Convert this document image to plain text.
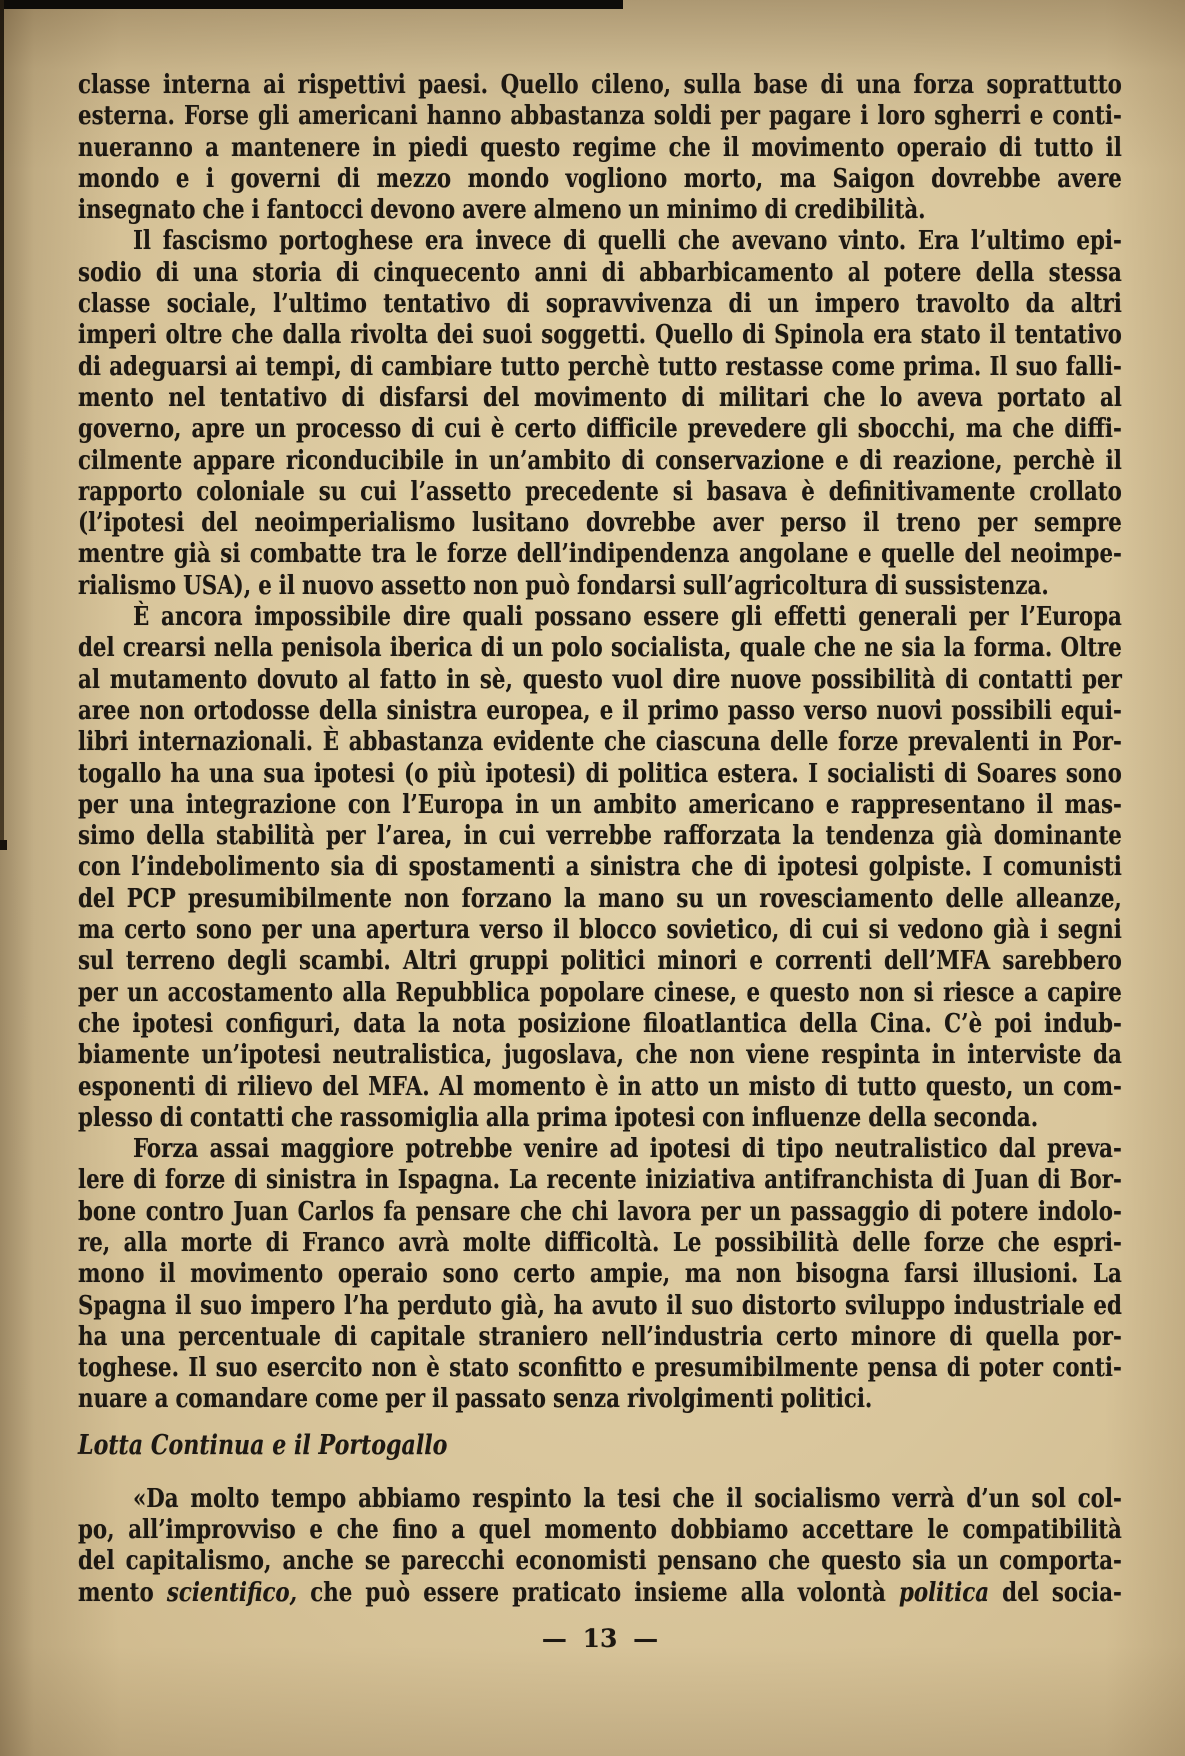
classe interna ai rispettivi paesi. Quello cileno, sulla base di una forza soprattutto
esterna. Forse gli americani hanno abbastanza soldi per pagare i loro sgherri e conti-
nueranno a mantenere in piedi questo regime che il movimento operaio di tutto il
mondo e i governi di mezzo mondo vogliono morto, ma Saigon dovrebbe avere
insegnato che i fantocci devono avere almeno un minimo di credibilità.
Il fascismo portoghese era invece di quelli che avevano vinto. Era l’ultimo epi-
sodio di una storia di cinquecento anni di abbarbicamento al potere della stessa
classe sociale, l’ultimo tentativo di sopravvivenza di un impero travolto da altri
imperi oltre che dalla rivolta dei suoi soggetti. Quello di Spinola era stato il tentativo
di adeguarsi ai tempi, di cambiare tutto perchè tutto restasse come prima. Il suo falli-
mento nel tentativo di disfarsi del movimento di militari che lo aveva portato al
governo, apre un processo di cui è certo difficile prevedere gli sbocchi, ma che diffi-
cilmente appare riconducibile in un’ambito di conservazione e di reazione, perchè il
rapporto coloniale su cui l’assetto precedente si basava è definitivamente crollato
(l’ipotesi del neoimperialismo lusitano dovrebbe aver perso il treno per sempre
mentre già si combatte tra le forze dell’indipendenza angolane e quelle del neoimpe-
rialismo USA), e il nuovo assetto non può fondarsi sull’agricoltura di sussistenza.
È ancora impossibile dire quali possano essere gli effetti generali per l’Europa
del crearsi nella penisola iberica di un polo socialista, quale che ne sia la forma. Oltre
al mutamento dovuto al fatto in sè, questo vuol dire nuove possibilità di contatti per
aree non ortodosse della sinistra europea, e il primo passo verso nuovi possibili equi-
libri internazionali. È abbastanza evidente che ciascuna delle forze prevalenti in Por-
togallo ha una sua ipotesi (o più ipotesi) di politica estera. I socialisti di Soares sono
per una integrazione con l’Europa in un ambito americano e rappresentano il mas-
simo della stabilità per l’area, in cui verrebbe rafforzata la tendenza già dominante
con l’indebolimento sia di spostamenti a sinistra che di ipotesi golpiste. I comunisti
del PCP presumibilmente non forzano la mano su un rovesciamento delle alleanze,
ma certo sono per una apertura verso il blocco sovietico, di cui si vedono già i segni
sul terreno degli scambi. Altri gruppi politici minori e correnti dell’MFA sarebbero
per un accostamento alla Repubblica popolare cinese, e questo non si riesce a capire
che ipotesi configuri, data la nota posizione filoatlantica della Cina. C’è poi indub-
biamente un’ipotesi neutralistica, jugoslava, che non viene respinta in interviste da
esponenti di rilievo del MFA. Al momento è in atto un misto di tutto questo, un com-
plesso di contatti che rassomiglia alla prima ipotesi con influenze della seconda.
Forza assai maggiore potrebbe venire ad ipotesi di tipo neutralistico dal preva-
lere di forze di sinistra in Ispagna. La recente iniziativa antifranchista di Juan di Bor-
bone contro Juan Carlos fa pensare che chi lavora per un passaggio di potere indolo-
re, alla morte di Franco avrà molte difficoltà. Le possibilità delle forze che espri-
mono il movimento operaio sono certo ampie, ma non bisogna farsi illusioni. La
Spagna il suo impero l’ha perduto già, ha avuto il suo distorto sviluppo industriale ed
ha una percentuale di capitale straniero nell’industria certo minore di quella por-
toghese. Il suo esercito non è stato sconfitto e presumibilmente pensa di poter conti-
nuare a comandare come per il passato senza rivolgimenti politici.
Lotta Continua e il Portogallo
«Da molto tempo abbiamo respinto la tesi che il socialismo verrà d’un sol col-
po, all’improvviso e che fino a quel momento dobbiamo accettare le compatibilità
del capitalismo, anche se parecchi economisti pensano che questo sia un comporta-
mento scientifico, che può essere praticato insieme alla volontà politica del socia-
— 13 —
